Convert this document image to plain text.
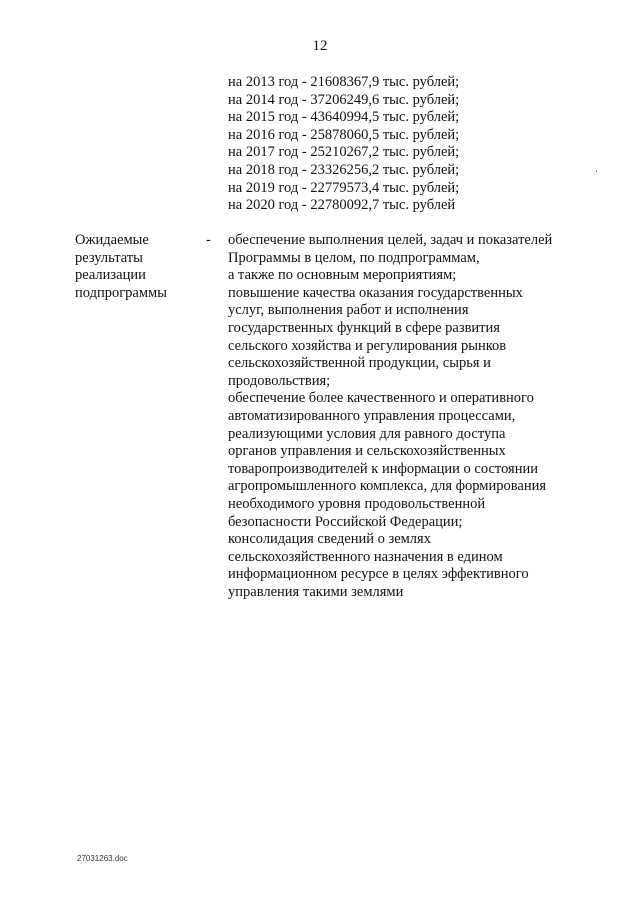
12
на 2013 год - 21608367,9 тыс. рублей;
на 2014 год - 37206249,6 тыс. рублей;
на 2015 год - 43640994,5 тыс. рублей;
на 2016 год - 25878060,5 тыс. рублей;
на 2017 год - 25210267,2 тыс. рублей;
на 2018 год - 23326256,2 тыс. рублей;
на 2019 год - 22779573,4 тыс. рублей;
на 2020 год - 22780092,7 тыс. рублей
Ожидаемые
результаты
реализации
подпрограммы
- обеспечение выполнения целей, задач и показателей
Программы в целом, по подпрограммам,
а также по основным мероприятиям;
повышение качества оказания государственных
услуг, выполнения работ и исполнения
государственных функций в сфере развития
сельского хозяйства и регулирования рынков
сельскохозяйственной продукции, сырья и
продовольствия;
обеспечение более качественного и оперативного
автоматизированного управления процессами,
реализующими условия для равного доступа
органов управления и сельскохозяйственных
товаропроизводителей к информации о состоянии
агропромышленного комплекса, для формирования
необходимого уровня продовольственной
безопасности Российской Федерации;
консолидация сведений о землях
сельскохозяйственного назначения в едином
информационном ресурсе в целях эффективного
управления такими землями
27031263.doc
